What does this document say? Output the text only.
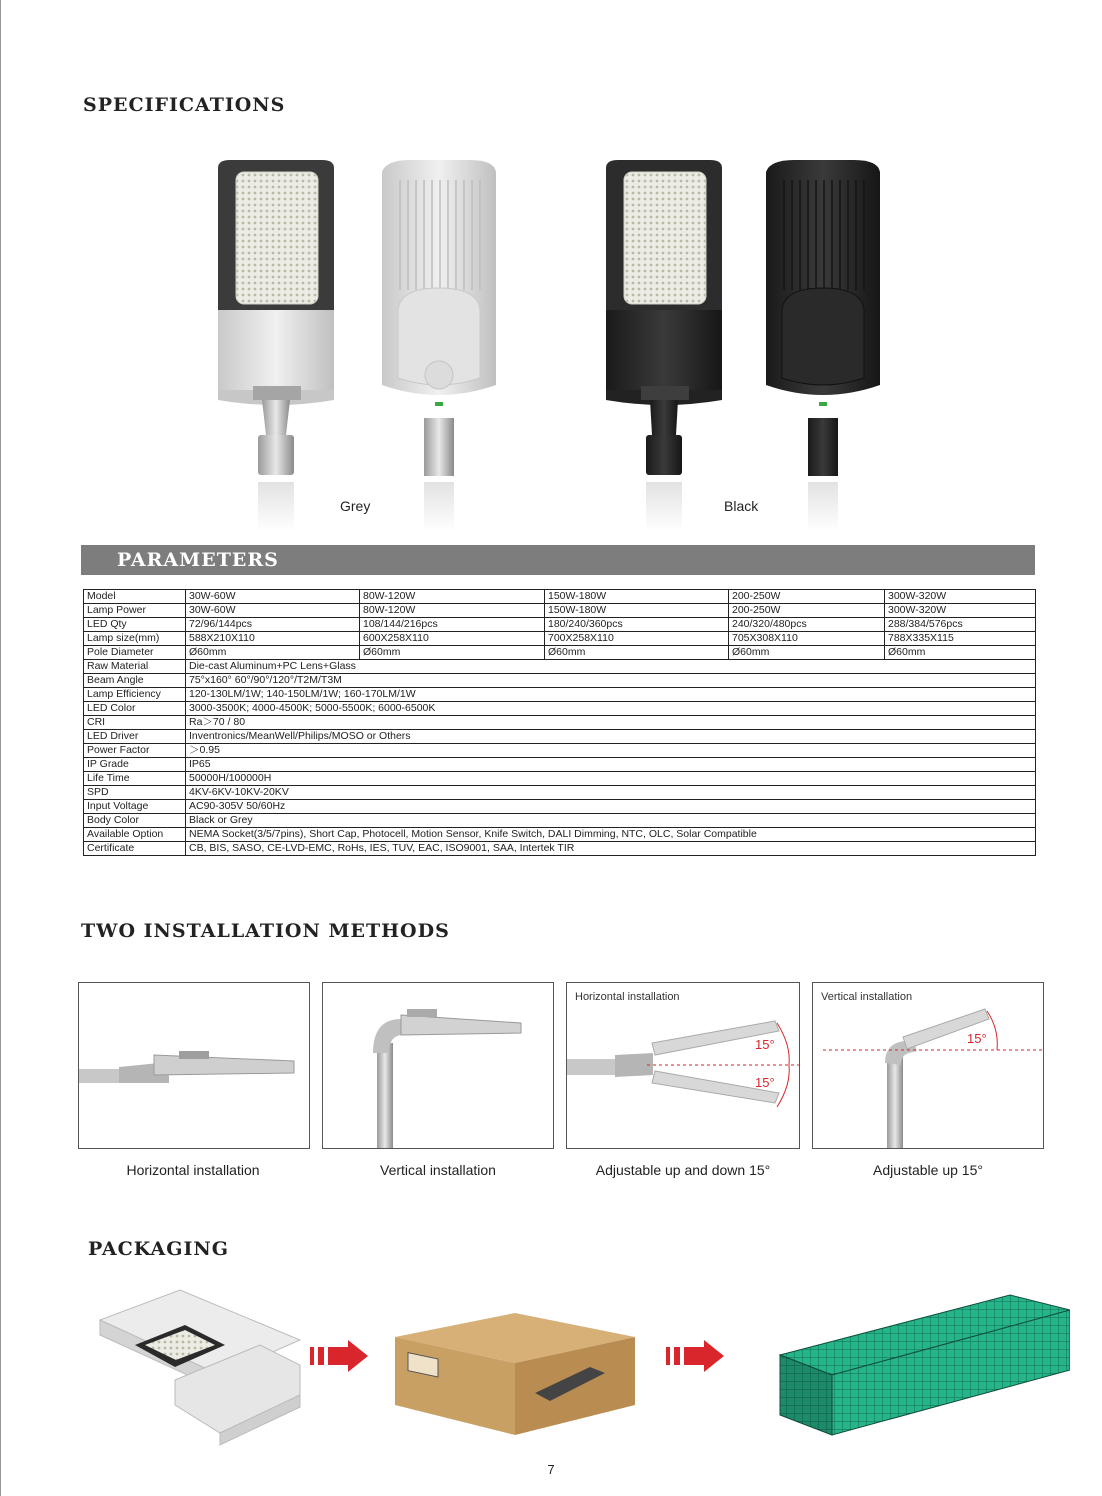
SPECIFICATIONS
Grey	Black
PARAMETERS
Model	30W-60W	80W-120W	150W-180W	200-250W	300W-320W
Lamp Power	30W-60W	80W-120W	150W-180W	200-250W	300W-320W
LED Qty	72/96/144pcs	108/144/216pcs	180/240/360pcs	240/320/480pcs	288/384/576pcs
Lamp size(mm)	588X210X110	600X258X110	700X258X110	705X308X110	788X335X115
Pole Diameter	Ø60mm	Ø60mm	Ø60mm	Ø60mm	Ø60mm
Raw Material	Die-cast Aluminum+PC Lens+Glass				
Beam Angle	75°x160° 60°/90°/120°/T2M/T3M				
Lamp Efficiency	120-130LM/1W; 140-150LM/1W; 160-170LM/1W				
LED Color	3000-3500K; 4000-4500K; 5000-5500K; 6000-6500K				
CRI	Ra＞70 / 80				
LED Driver	Inventronics/MeanWell/Philips/MOSO or Others				
Power Factor	＞0.95				
IP Grade	IP65				
Life Time	50000H/100000H				
SPD	4KV-6KV-10KV-20KV				
Input Voltage	AC90-305V 50/60Hz				
Body Color	Black or Grey				
Available Option	NEMA Socket(3/5/7pins), Short Cap, Photocell, Motion Sensor, Knife Switch, DALI Dimming, NTC, OLC, Solar Compatible				
Certificate	CB, BIS, SASO, CE-LVD-EMC, RoHs, IES, TUV, EAC, ISO9001, SAA, Intertek TIR				
TWO INSTALLATION METHODS
Horizontal installation
15°
15°
Vertical installation
15°
Horizontal installation	Vertical installation	Adjustable up and down 15°	Adjustable up 15°
PACKAGING
7
